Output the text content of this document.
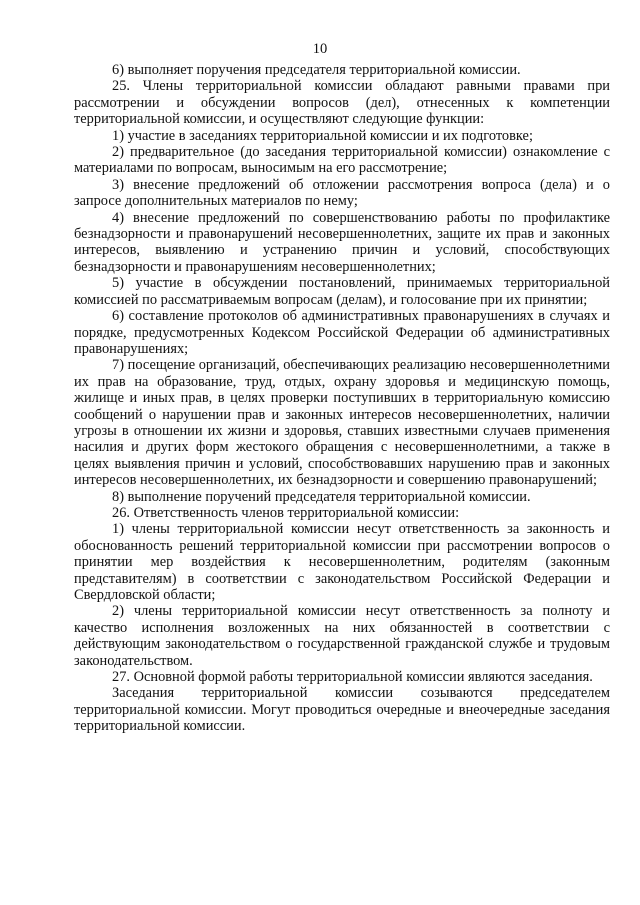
10

6) выполняет поручения председателя территориальной комиссии.

25. Члены территориальной комиссии обладают равными правами при рассмотрении и обсуждении вопросов (дел), отнесенных к компетенции территориальной комиссии, и осуществляют следующие функции:

1) участие в заседаниях территориальной комиссии и их подготовке;

2) предварительное (до заседания территориальной комиссии) ознакомление с материалами по вопросам, выносимым на его рассмотрение;

3) внесение предложений об отложении рассмотрения вопроса (дела) и о запросе дополнительных материалов по нему;

4) внесение предложений по совершенствованию работы по профилактике безнадзорности и правонарушений несовершеннолетних, защите их прав и законных интересов, выявлению и устранению причин и условий, способствующих безнадзорности и правонарушениям несовершеннолетних;

5) участие в обсуждении постановлений, принимаемых территориальной комиссией по рассматриваемым вопросам (делам), и голосование при их принятии;

6) составление протоколов об административных правонарушениях в случаях и порядке, предусмотренных Кодексом Российской Федерации об административных правонарушениях;

7) посещение организаций, обеспечивающих реализацию несовершеннолетними их прав на образование, труд, отдых, охрану здоровья и медицинскую помощь, жилище и иных прав, в целях проверки поступивших в территориальную комиссию сообщений о нарушении прав и законных интересов несовершеннолетних, наличии угрозы в отношении их жизни и здоровья, ставших известными случаев применения насилия и других форм жестокого обращения с несовершеннолетними, а также в целях выявления причин и условий, способствовавших нарушению прав и законных интересов несовершеннолетних, их безнадзорности и совершению правонарушений;

8) выполнение поручений председателя территориальной комиссии.

26. Ответственность членов территориальной комиссии:

1) члены территориальной комиссии несут ответственность за законность и обоснованность решений территориальной комиссии при рассмотрении вопросов о принятии мер воздействия к несовершеннолетним, родителям (законным представителям) в соответствии с законодательством Российской Федерации и Свердловской области;

2) члены территориальной комиссии несут ответственность за полноту и качество исполнения возложенных на них обязанностей в соответствии с действующим законодательством о государственной гражданской службе и трудовым законодательством.

27. Основной формой работы территориальной комиссии являются заседания.

Заседания территориальной комиссии созываются председателем территориальной комиссии. Могут проводиться очередные и внеочередные заседания территориальной комиссии.
